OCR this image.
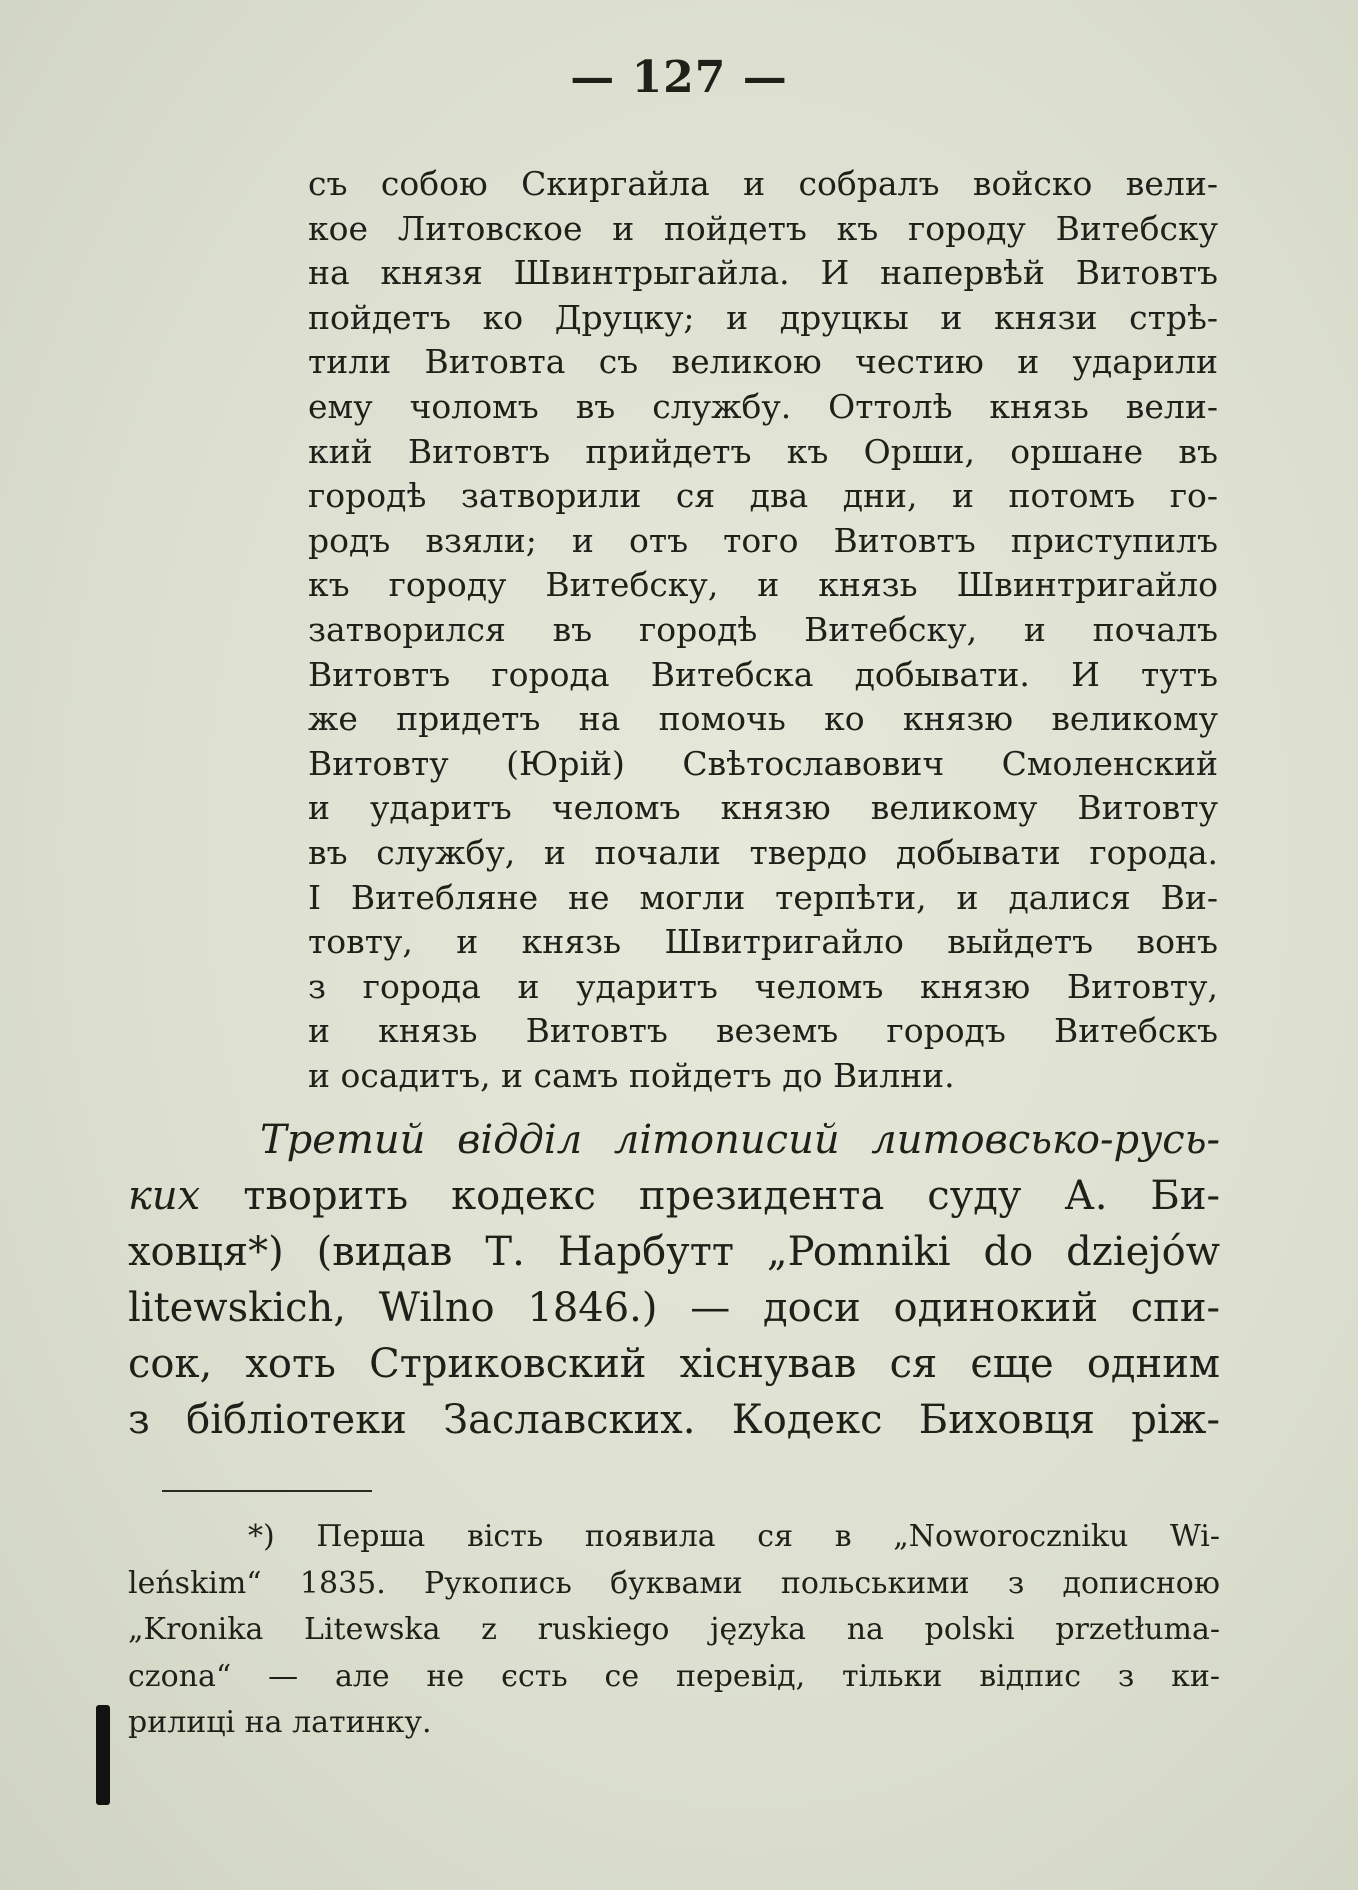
— 127 —
съ собою Скиргайла и собралъ войско вели-
кое Литовское и пойдетъ къ городу Витебску
на князя Швинтрыгайла. И напервѣй Витовтъ
пойдетъ ко Друцку; и друцкы и князи стрѣ-
тили Витовта съ великою честию и ударили
ему чоломъ въ службу. Оттолѣ князь вели-
кий Витовтъ прийдетъ къ Орши, оршане въ
городѣ затворили ся два дни, и потомъ го-
родъ взяли; и отъ того Витовтъ приступилъ
къ городу Витебску, и князь Швинтригайло
затворился въ городѣ Витебску, и почалъ
Витовтъ города Витебска добывати. И тутъ
же придетъ на помочь ко князю великому
Витовту (Юрій) Свѣтославович Смоленский
и ударитъ челомъ князю великому Витовту
въ службу, и почали твердо добывати города.
І Витебляне не могли терпѣти, и далися Ви-
товту, и князь Швитригайло выйдетъ вонъ
з города и ударитъ челомъ князю Витовту,
и князь Витовтъ веземъ городъ Витебскъ
и осадитъ, и самъ пойдетъ до Вилни.
Третий відділ літописий литовсько-русь-
ких творить кодекс президента суду А. Би-
ховця*) (видав Т. Нарбутт „Pomniki do dziejów
litewskich, Wilno 1846.) — доси одинокий спи-
сок, хоть Стриковский хіснував ся єще одним
з бібліотеки Заславских. Кодекс Биховця ріж-
*) Перша вість появила ся в „Noworoczniku Wi-
leńskim“ 1835. Рукопись буквами польськими з дописною
„Kronika Litewska z ruskiego języka na polski przetłuma-
czona“ — але не єсть се перевід, тільки відпис з ки-
рилиці на латинку.
